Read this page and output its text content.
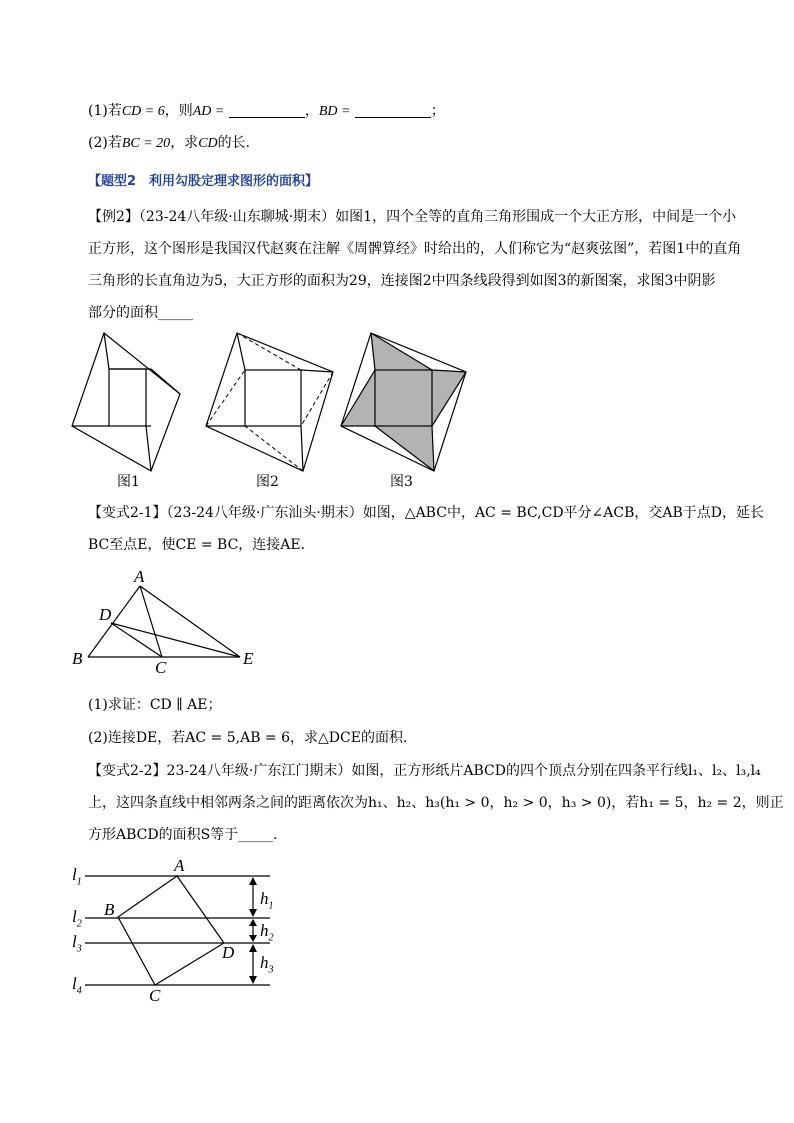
(1)若CD = 6，则AD =	，BD =	；
(2)若BC = 20，求CD的长．
【题型2　利用勾股定理求图形的面积】
【例2】（23-24八年级·山东聊城·期末）如图1，四个全等的直角三角形围成一个大正方形，中间是一个小
正方形，这个图形是我国汉代赵爽在注解《周髀算经》时给出的，人们称它为“赵爽弦图”，若图1中的直角
三角形的长直角边为5，大正方形的面积为29，连接图2中四条线段得到如图3的新图案，求图3中阴影
部分的面积_____
图1	图2	图3
【变式2-1】（23-24八年级·广东汕头·期末）如图，△ABC中，AC = BC,CD平分∠ACB，交AB于点D，延长
BC至点E，使CE = BC，连接AE．
A
D
B	C	E
(1)求证：CD ∥ AE；
(2)连接DE，若AC = 5,AB = 6，求△DCE的面积．
【变式2-2】23-24八年级·广东江门期末）如图，正方形纸片ABCD的四个顶点分别在四条平行线l₁、l₂、l₃,l₄
上，这四条直线中相邻两条之间的距离依次为h₁、h₂、h₃(h₁ > 0，h₂ > 0，h₃ > 0)，若h₁ = 5，h₂ = 2，则正
方形ABCD的面积S等于_____．
$l_1$
$l_2$
$l_3$
$l_4$
A
B
D
C
$h_1$
$h_2$
$h_3$
